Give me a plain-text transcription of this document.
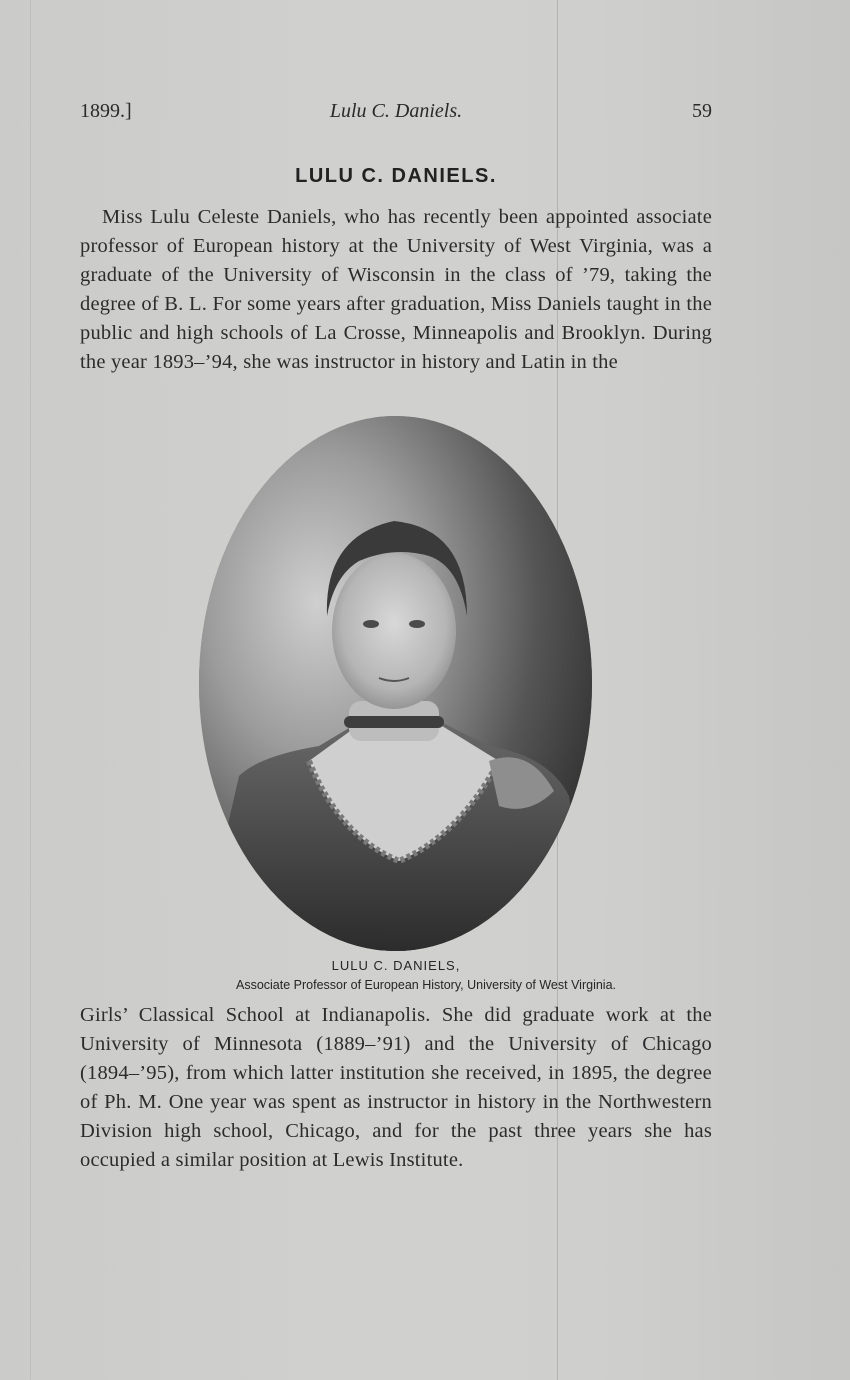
1899.]	Lulu C. Daniels.	59
LULU C. DANIELS.
Miss Lulu Celeste Daniels, who has recently been appointed associate professor of European history at the University of West Virginia, was a graduate of the University of Wisconsin in the class of ’79, taking the degree of B. L. For some years after graduation, Miss Daniels taught in the public and high schools of La Crosse, Minneapolis and Brooklyn. During the year 1893–’94, she was instructor in history and Latin in the
LULU C. DANIELS,
Associate Professor of European History, University of West Virginia.
Girls’ Classical School at Indianapolis. She did graduate work at the University of Minnesota (1889–’91) and the University of Chicago (1894–’95), from which latter institution she received, in 1895, the degree of Ph. M. One year was spent as instructor in history in the Northwestern Division high school, Chicago, and for the past three years she has occupied a similar position at Lewis Institute.
